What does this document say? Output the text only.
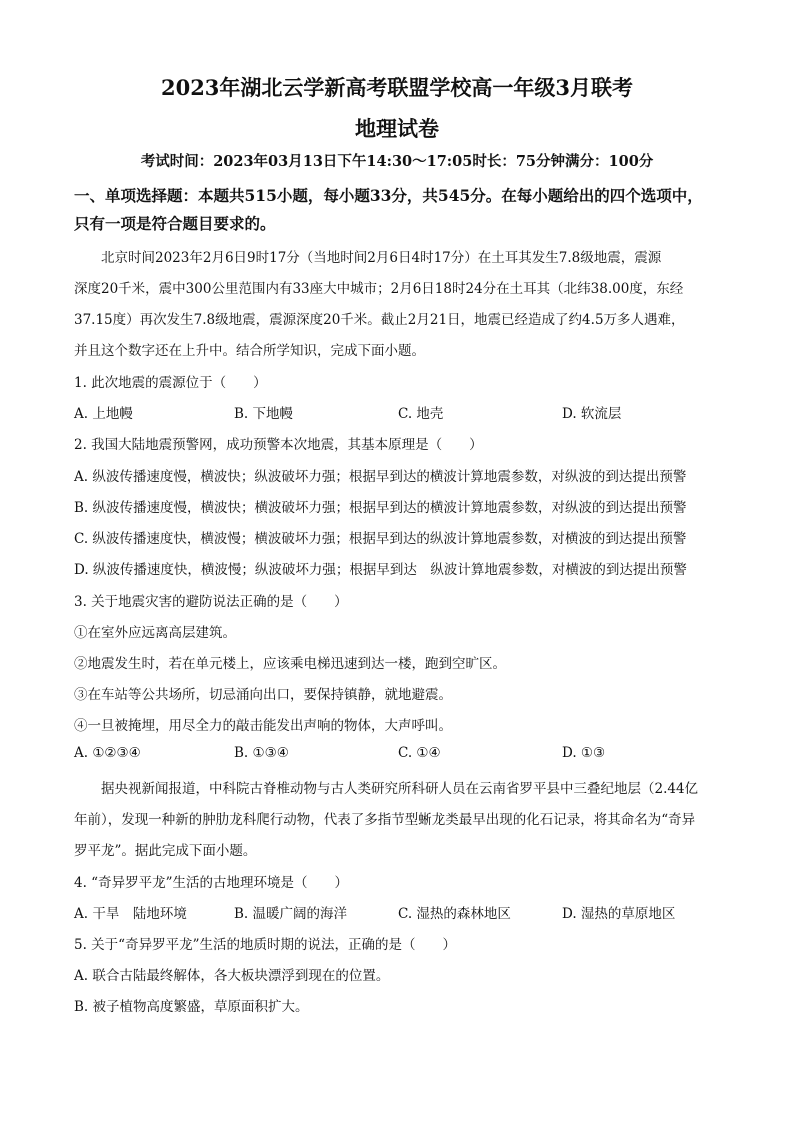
2023年湖北云学新高考联盟学校高一年级3月联考
地理试卷
考试时间：2023年03月13日下午14:30～17:05时长：75分钟满分：100分
一、单项选择题：本题共515小题，每小题33分，共545分。在每小题给出的四个选项中，
只有一项是符合题目要求的。
北京时间2023年2月6日9时17分（当地时间2月6日4时17分）在土耳其发生7.8级地震，震源
深度20千米，震中300公里范围内有33座大中城市；2月6日18时24分在土耳其（北纬38.00度，东经
37.15度）再次发生7.8级地震，震源深度20千米。截止2月21日，地震已经造成了约4.5万多人遇难，
并且这个数字还在上升中。结合所学知识，完成下面小题。
1. 此次地震的震源位于（　　）
A. 上地幔	B. 下地幔	C. 地壳	D. 软流层
2. 我国大陆地震预警网，成功预警本次地震，其基本原理是（　　）
A. 纵波传播速度慢，横波快；纵波破坏力强；根据早到达的横波计算地震参数，对纵波的到达提出预警
B. 纵波传播速度慢，横波快；横波破坏力强；根据早到达的横波计算地震参数，对纵波的到达提出预警
C. 纵波传播速度快，横波慢；横波破坏力强；根据早到达的纵波计算地震参数，对横波的到达提出预警
D. 纵波传播速度快，横波慢；纵波破坏力强；根据早到达　纵波计算地震参数，对横波的到达提出预警
3. 关于地震灾害的避防说法正确的是（　　）
①在室外应远离高层建筑。
②地震发生时，若在单元楼上，应该乘电梯迅速到达一楼，跑到空旷区。
③在车站等公共场所，切忌涌向出口，要保持镇静，就地避震。
④一旦被掩埋，用尽全力的敲击能发出声响的物体，大声呼叫。
A. ①②③④	B. ①③④	C. ①④	D. ①③
据央视新闻报道，中科院古脊椎动物与古人类研究所科研人员在云南省罗平县中三叠纪地层（2.44亿
年前），发现一种新的肿肋龙科爬行动物，代表了多指节型蜥龙类最早出现的化石记录，将其命名为“奇异
罗平龙”。据此完成下面小题。
4. “奇异罗平龙”生活的古地理环境是（　　）
A. 干旱　陆地环境	B. 温暖广阔的海洋	C. 湿热的森林地区	D. 湿热的草原地区
5. 关于“奇异罗平龙”生活的地质时期的说法，正确的是（　　）
A. 联合古陆最终解体，各大板块漂浮到现在的位置。
B. 被子植物高度繁盛，草原面积扩大。
